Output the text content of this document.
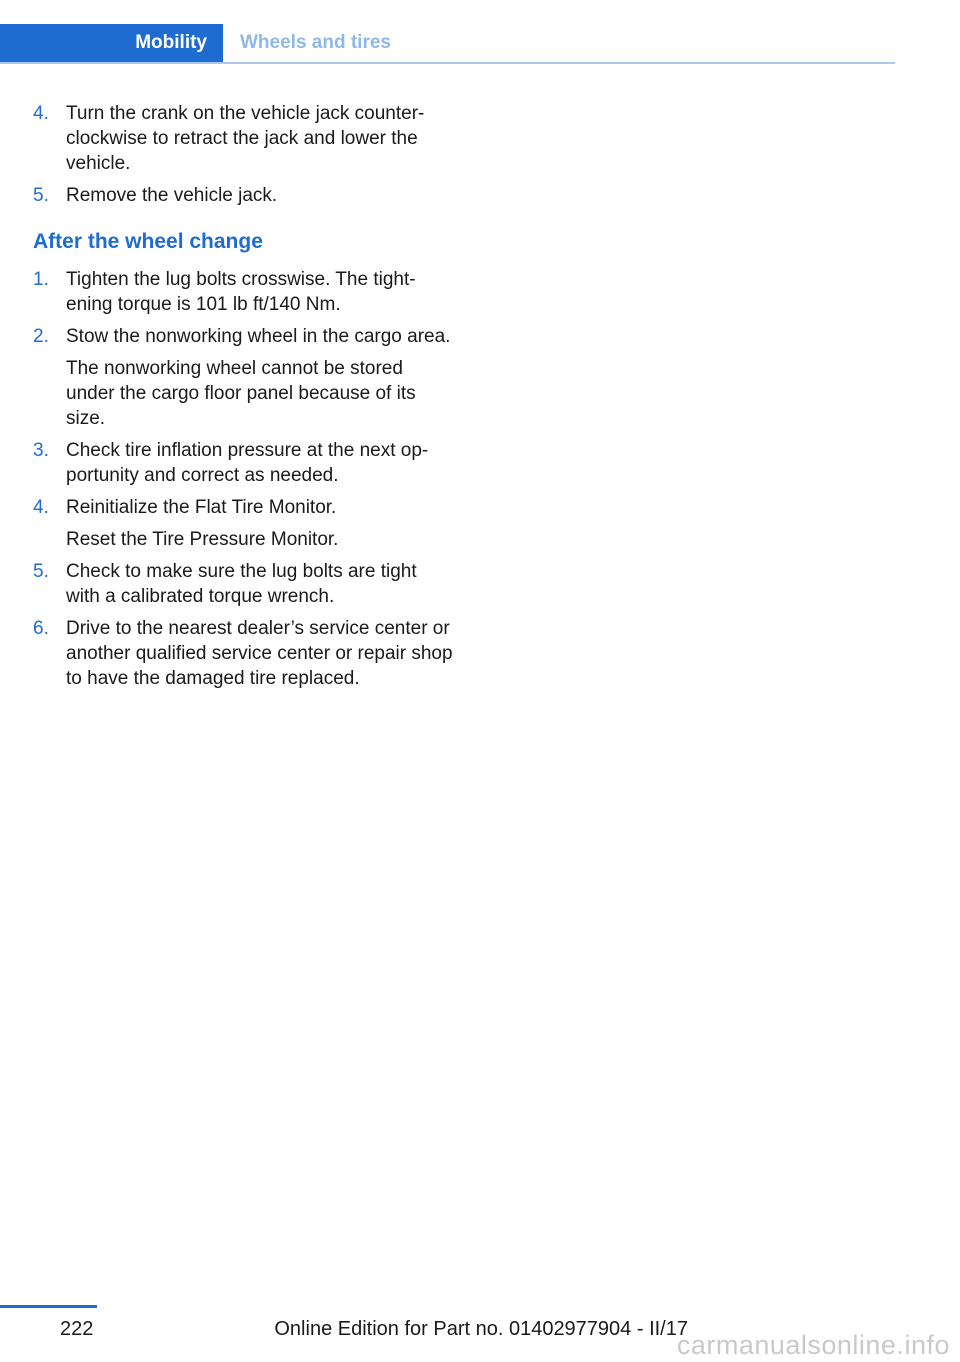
Mobility	Wheels and tires
4. Turn the crank on the vehicle jack counter‐clockwise to retract the jack and lower the vehicle.
5. Remove the vehicle jack.
After the wheel change
1. Tighten the lug bolts crosswise. The tight‐ening torque is 101 lb ft/140 Nm.
2. Stow the nonworking wheel in the cargo area.
The nonworking wheel cannot be stored under the cargo floor panel because of its size.
3. Check tire inflation pressure at the next op‐portunity and correct as needed.
4. Reinitialize the Flat Tire Monitor.
Reset the Tire Pressure Monitor.
5. Check to make sure the lug bolts are tight with a calibrated torque wrench.
6. Drive to the nearest dealer’s service center or another qualified service center or repair shop to have the damaged tire replaced.
222	Online Edition for Part no. 01402977904 - II/17
carmanualsonline.info
